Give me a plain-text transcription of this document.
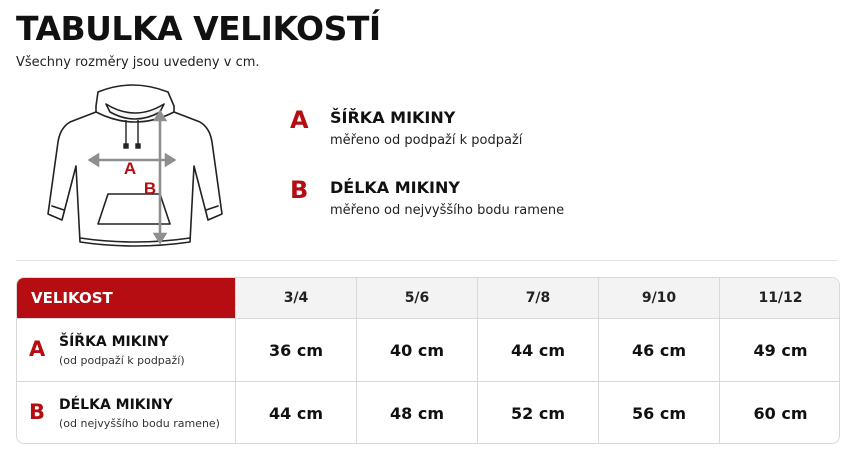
TABULKA VELIKOSTÍ
Všechny rozměry jsou uvedeny v cm.
A
B
A ŠÍŘKA MIKINY
měřeno od podpaží k podpaží
B DÉLKA MIKINY
měřeno od nejvyššího bodu ramene
VELIKOST	3/4	5/6	7/8	9/10	11/12
A ŠÍŘKA MIKINY
(od podpaží k podpaží)
36 cm	40 cm	44 cm	46 cm	49 cm
B DÉLKA MIKINY
(od nejvyššího bodu ramene)
44 cm	48 cm	52 cm	56 cm	60 cm
